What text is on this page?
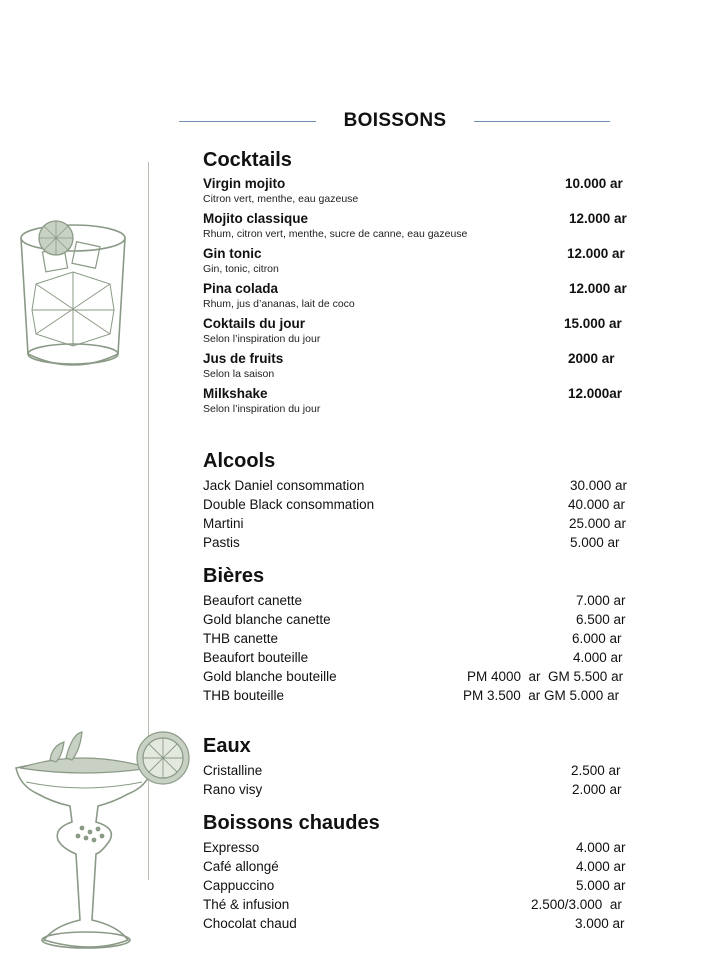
BOISSONS
Cocktails
Virgin mojito
Citron vert, menthe, eau gazeuse
10.000 ar
Mojito classique
Rhum, citron vert, menthe, sucre de canne, eau gazeuse
12.000 ar
Gin tonic
Gin, tonic, citron
12.000 ar
Pina colada
Rhum, jus d’ananas, lait de coco
12.000 ar
Coktails du jour
Selon l’inspiration du jour
15.000 ar
Jus de fruits
Selon la saison
2000 ar
Milkshake
Selon l’inspiration du jour
12.000ar
Alcools
Jack Daniel consommation	30.000 ar
Double Black consommation	40.000 ar
Martini	25.000 ar
Pastis	5.000 ar
Bières
Beaufort canette	7.000 ar
Gold blanche canette	6.500 ar
THB canette	6.000 ar
Beaufort bouteille	4.000 ar
Gold blanche bouteille	PM 4000  ar  GM 5.500 ar
THB bouteille	PM 3.500  ar GM 5.000 ar
Eaux
Cristalline	2.500 ar
Rano visy	2.000 ar
Boissons chaudes
Expresso	4.000 ar
Café allongé	4.000 ar
Cappuccino	5.000 ar
Thé & infusion	2.500/3.000  ar
Chocolat chaud	3.000 ar
